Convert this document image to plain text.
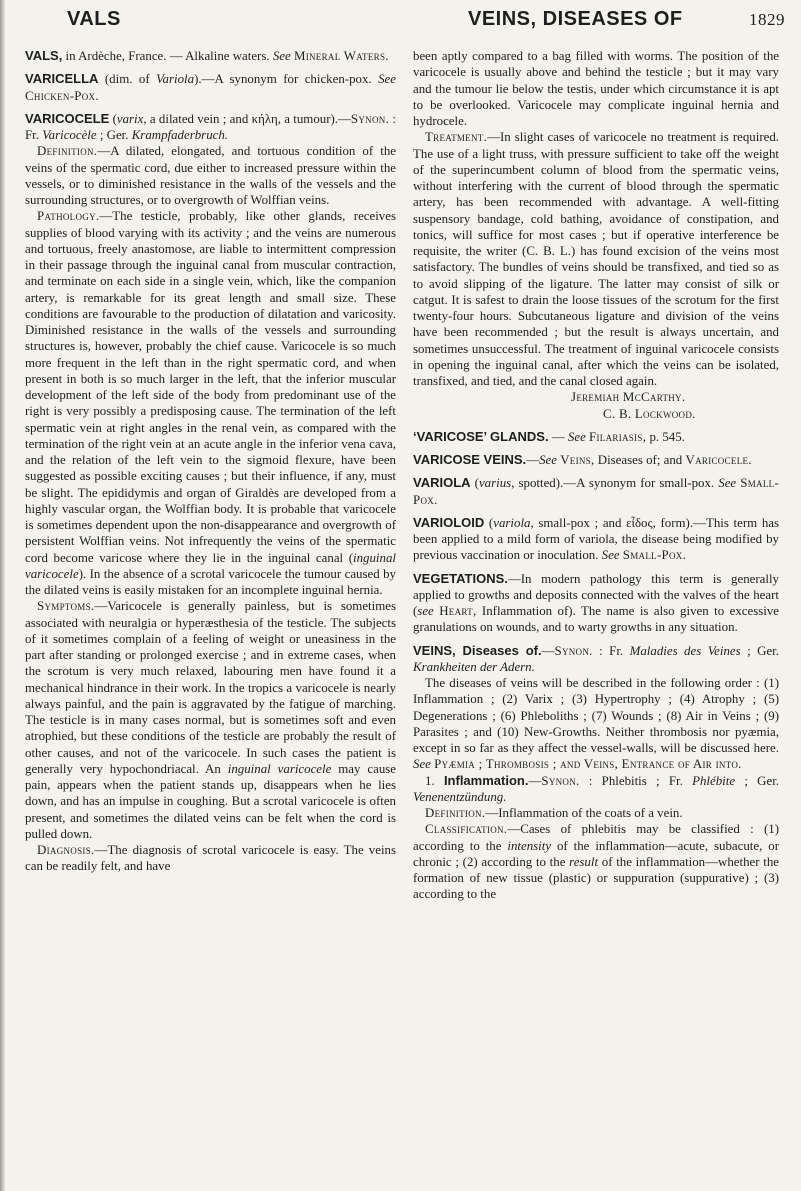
VALS	VEINS, DISEASES OF	1829

VALS, in Ardèche, France. — Alkaline waters. See Mineral Waters.

VARICELLA (dim. of Variola).—A synonym for chicken-pox. See Chicken-Pox.

VARICOCELE (varix, a dilated vein ; and κήλη, a tumour).—Synon. : Fr. Varicocèle ; Ger. Krampfaderbruch.

Definition.—A dilated, elongated, and tortuous condition of the veins of the spermatic cord, due either to increased pressure within the vessels, or to diminished resistance in the walls of the vessels and the surrounding structures, or to overgrowth of Wolffian veins.

Pathology.—The testicle, probably, like other glands, receives supplies of blood varying with its activity ; and the veins are numerous and tortuous, freely anastomose, are liable to intermittent compression in their passage through the inguinal canal from muscular contraction, and terminate on each side in a single vein, which, like the companion artery, is remarkable for its great length and small size. These conditions are favourable to the production of dilatation and varicosity. Diminished resistance in the walls of the vessels and surrounding structures is, however, probably the chief cause. Varicocele is so much more frequent in the left than in the right spermatic cord, and when present in both is so much larger in the left, that the inferior muscular development of the left side of the body from predominant use of the right is very possibly a predisposing cause. The termination of the left spermatic vein at right angles in the renal vein, as compared with the termination of the right vein at an acute angle in the inferior vena cava, and the relation of the left vein to the sigmoid flexure, have been suggested as possible exciting causes ; but their influence, if any, must be slight. The epididymis and organ of Giraldès are developed from a highly vascular organ, the Wolffian body. It is probable that varicocele is sometimes dependent upon the non-disappearance and overgrowth of persistent Wolffian veins. Not infrequently the veins of the spermatic cord become varicose where they lie in the inguinal canal (inguinal varicocele). In the absence of a scrotal varicocele the tumour caused by the dilated veins is easily mistaken for an incomplete inguinal hernia.

Symptoms.—Varicocele is generally painless, but is sometimes associated with neuralgia or hyperæsthesia of the testicle. The subjects of it sometimes complain of a feeling of weight or uneasiness in the part after standing or prolonged exercise ; and in extreme cases, when the scrotum is very much relaxed, labouring men have found it a mechanical hindrance in their work. In the tropics a varicocele is nearly always painful, and the pain is aggravated by the fatigue of marching. The testicle is in many cases normal, but is sometimes soft and even atrophied, but these conditions of the testicle are probably the result of other causes, and not of the varicocele. In such cases the patient is generally very hypochondriacal. An inguinal varicocele may cause pain, appears when the patient stands up, disappears when he lies down, and has an impulse in coughing. But a scrotal varicocele is often present, and sometimes the dilated veins can be felt when the cord is pulled down.

Diagnosis.—The diagnosis of scrotal varicocele is easy. The veins can be readily felt, and have

been aptly compared to a bag filled with worms. The position of the varicocele is usually above and behind the testicle ; but it may vary and the tumour lie below the testis, under which circumstance it is apt to be overlooked. Varicocele may complicate inguinal hernia and hydrocele.

Treatment.—In slight cases of varicocele no treatment is required. The use of a light truss, with pressure sufficient to take off the weight of the superincumbent column of blood from the spermatic veins, without interfering with the current of blood through the spermatic artery, has been recommended with advantage. A well-fitting suspensory bandage, cold bathing, avoidance of constipation, and tonics, will suffice for most cases ; but if operative interference be requisite, the writer (C. B. L.) has found excision of the veins most satisfactory. The bundles of veins should be transfixed, and tied so as to avoid slipping of the ligature. The latter may consist of silk or catgut. It is safest to drain the loose tissues of the scrotum for the first twenty-four hours. Subcutaneous ligature and division of the veins have been recommended ; but the result is always uncertain, and sometimes unsuccessful. The treatment of inguinal varicocele consists in opening the inguinal canal, after which the veins can be isolated, transfixed, and tied, and the canal closed again.

Jeremiah McCarthy.

C. B. Lockwood.

‘VARICOSE’ GLANDS. — See Filariasis, p. 545.

VARICOSE VEINS.—See Veins, Diseases of; and Varicocele.

VARIOLA (varius, spotted).—A synonym for small-pox. See Small-Pox.

VARIOLOID (variola, small-pox ; and εἶδος, form).—This term has been applied to a mild form of variola, the disease being modified by previous vaccination or inoculation. See Small-Pox.

VEGETATIONS.—In modern pathology this term is generally applied to growths and deposits connected with the valves of the heart (see Heart, Inflammation of). The name is also given to excessive granulations on wounds, and to warty growths in any situation.

VEINS, Diseases of.—Synon. : Fr. Maladies des Veines ; Ger. Krankheiten der Adern.

The diseases of veins will be described in the following order : (1) Inflammation ; (2) Varix ; (3) Hypertrophy ; (4) Atrophy ; (5) Degenerations ; (6) Phleboliths ; (7) Wounds ; (8) Air in Veins ; (9) Parasites ; and (10) New-Growths. Neither thrombosis nor pyæmia, except in so far as they affect the vessel-walls, will be discussed here. See Pyæmia ; Thrombosis ; and Veins, Entrance of Air into.

1. Inflammation.—Synon. : Phlebitis ; Fr. Phlébite ; Ger. Venenentzündung.

Definition.—Inflammation of the coats of a vein.

Classification.—Cases of phlebitis may be classified : (1) according to the intensity of the inflammation—acute, subacute, or chronic ; (2) according to the result of the inflammation—whether the formation of new tissue (plastic) or suppuration (suppurative) ; (3) according to the
